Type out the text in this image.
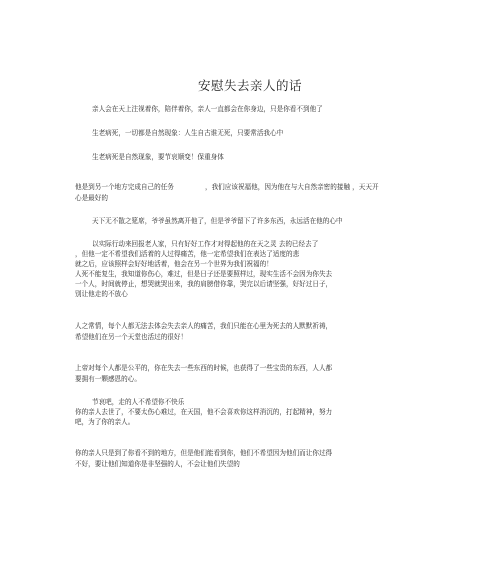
安慰失去亲人的话
亲人会在天上注视着你，陪伴着你，亲人一直都会在你身边，只是你看不到他了
生老病死，一切都是自然现象：人生自古谁无死，只要常活我心中
生老病死是自然现象，要节哀顺变！保重身体
他是到另一个地方完成自己的任务	，我们应该祝福他，因为他在与大自然亲密的接触 ，天天开
心是最好的
天下无不散之筵席，爷爷虽然离开他了，但是爷爷留下了许多东西，永远活在他的心中
以实际行动来回报老人家，只有好好工作才对得起他的在天之灵 去的已经去了
，但他一定不希望我们活着的人过得痛苦，他一定希望我们在表达了适度的悲
就之后，应该照样会好好地活着，他会在另一个世界为我们祝福的！
人死不能复生，我知道你伤心，难过，但是日子还是要照样过，现实生活不会因为你失去
一个人，时间就停止，想哭就哭出来，我的肩膀借你靠，哭完以后请坚强，好好过日子，
别让他走的不放心
人之常情，每个人都无法去体会失去亲人的痛苦，我们只能在心里为死去的人默默祈祷，
希望他们在另一个天堂也活过的很好！
上帝对每个人都是公平的，你在失去一些东西的时候，也获得了一些宝贵的东西，人人都
要拥有一颗感恩的心。
节哀吧，走的人不希望你不快乐
你的亲人去世了，不要太伤心难过，在天国，他不会喜欢你这样消沉的，打起精神，努力
吧，为了你的亲人。
你的亲人只是到了你看不到的地方，但是他们能看到你，他们不希望因为他们而让你过得
不好，要让他们知道你是非坚强的人，不会让他们失望的
